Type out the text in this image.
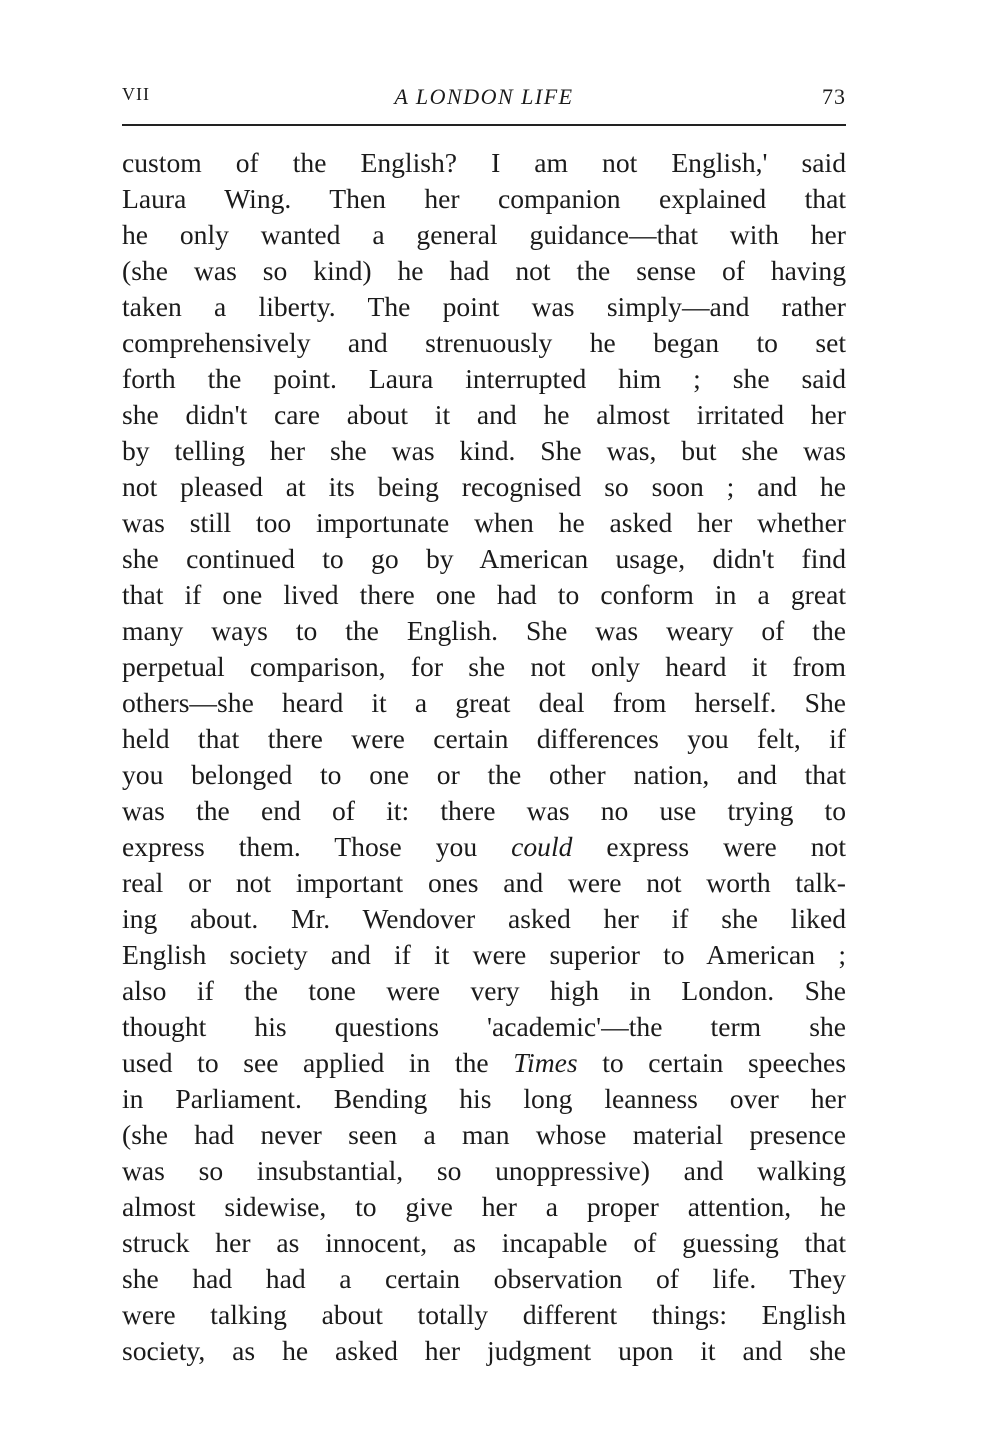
VII	A LONDON LIFE	73
custom of the English? I am not English,' said
Laura Wing. Then her companion explained that
he only wanted a general guidance—that with her
(she was so kind) he had not the sense of having
taken a liberty. The point was simply—and rather
comprehensively and strenuously he began to set
forth the point. Laura interrupted him ; she said
she didn't care about it and he almost irritated her
by telling her she was kind. She was, but she was
not pleased at its being recognised so soon ; and he
was still too importunate when he asked her whether
she continued to go by American usage, didn't find
that if one lived there one had to conform in a great
many ways to the English. She was weary of the
perpetual comparison, for she not only heard it from
others—she heard it a great deal from herself. She
held that there were certain differences you felt, if
you belonged to one or the other nation, and that
was the end of it: there was no use trying to
express them. Those you could express were not
real or not important ones and were not worth talk-
ing about. Mr. Wendover asked her if she liked
English society and if it were superior to American ;
also if the tone were very high in London. She
thought his questions 'academic'—the term she
used to see applied in the Times to certain speeches
in Parliament. Bending his long leanness over her
(she had never seen a man whose material presence
was so insubstantial, so unoppressive) and walking
almost sidewise, to give her a proper attention, he
struck her as innocent, as incapable of guessing that
she had had a certain observation of life. They
were talking about totally different things: English
society, as he asked her judgment upon it and she
